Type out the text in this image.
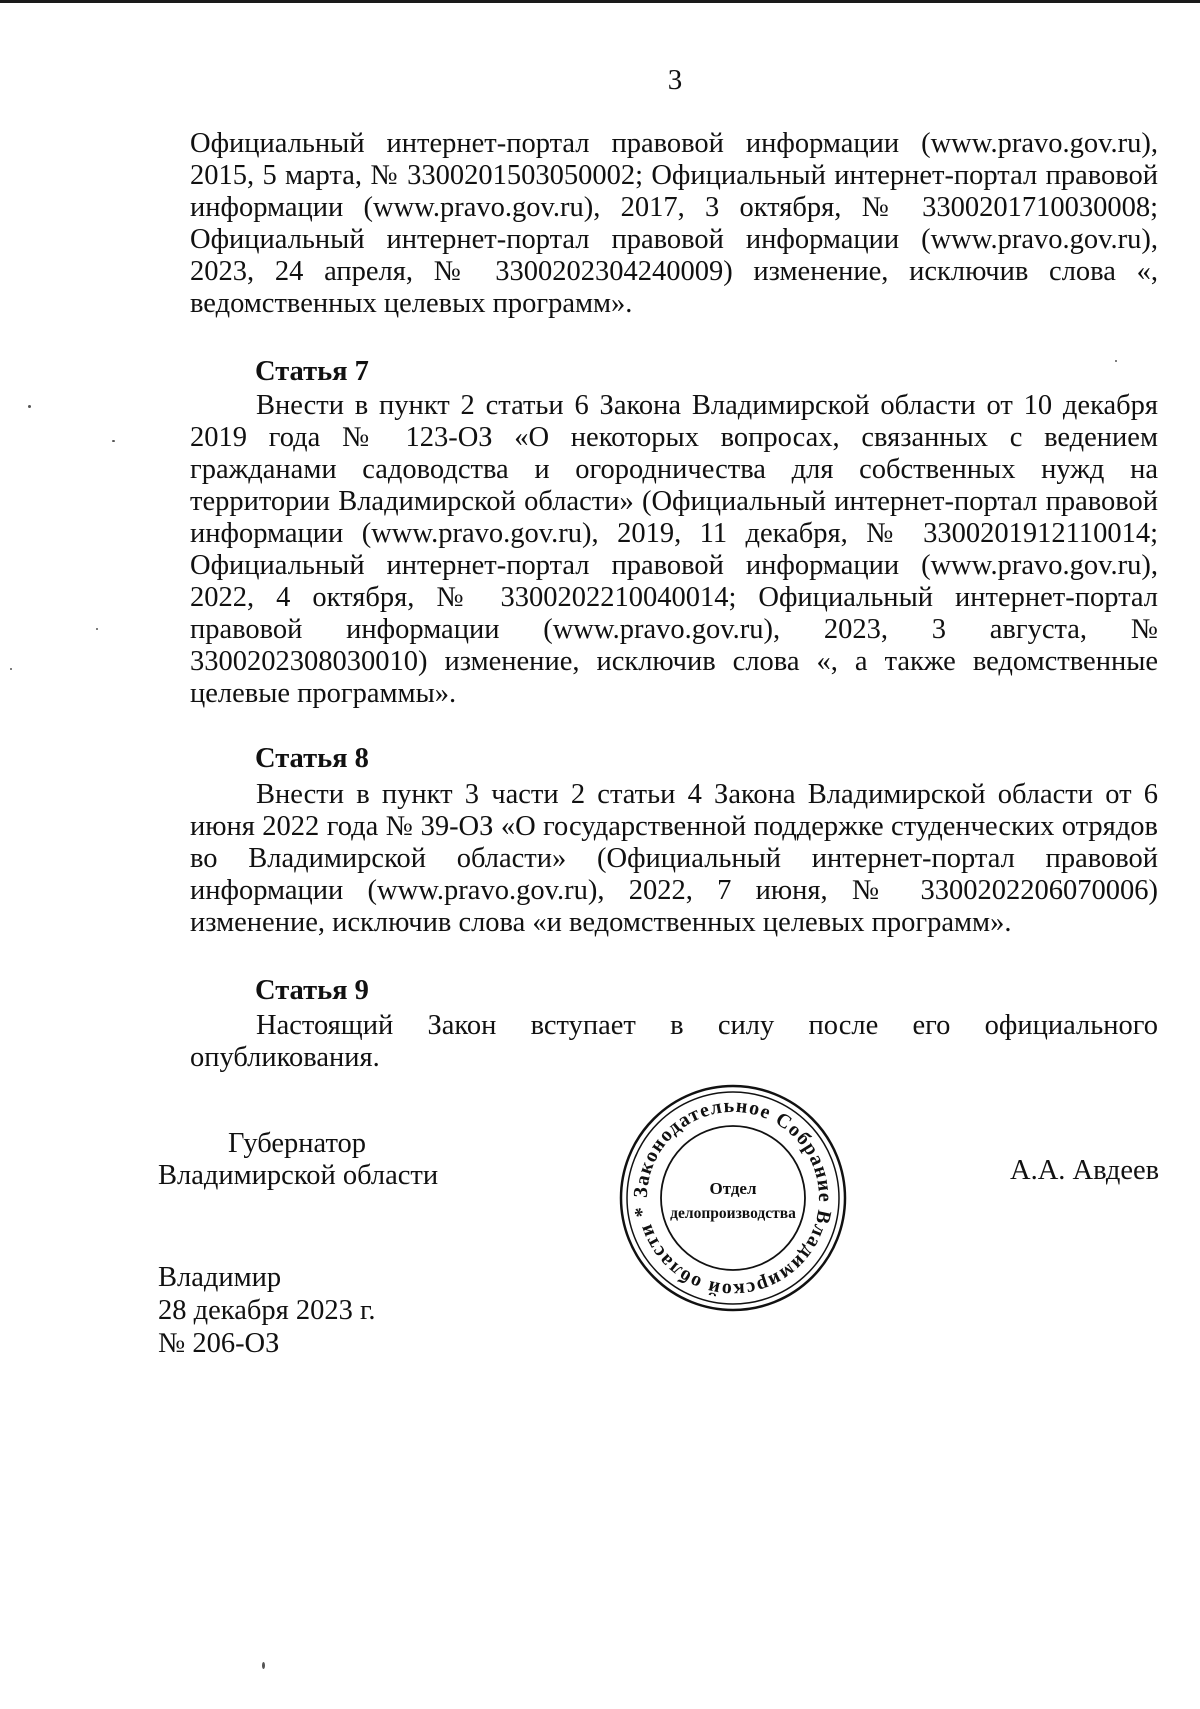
3

Официальный интернет-портал правовой информации (www.pravo.gov.ru), 2015, 5 марта, № 3300201503050002; Официальный интернет-портал правовой информации (www.pravo.gov.ru), 2017, 3 октября, № 3300201710030008; Официальный интернет-портал правовой информации (www.pravo.gov.ru), 2023, 24 апреля, № 3300202304240009) изменение, исключив слова «, ведомственных целевых программ».

Статья 7

Внести в пункт 2 статьи 6 Закона Владимирской области от 10 декабря 2019 года № 123-ОЗ «О некоторых вопросах, связанных с ведением гражданами садоводства и огородничества для собственных нужд на территории Владимирской области» (Официальный интернет-портал правовой информации (www.pravo.gov.ru), 2019, 11 декабря, № 3300201912110014; Официальный интернет-портал правовой информации (www.pravo.gov.ru), 2022, 4 октября, № 3300202210040014; Официальный интернет-портал правовой информации (www.pravo.gov.ru), 2023, 3 августа, № 3300202308030010) изменение, исключив слова «, а также ведомственные целевые программы».

Статья 8

Внести в пункт 3 части 2 статьи 4 Закона Владимирской области от 6 июня 2022 года № 39-ОЗ «О государственной поддержке студенческих отрядов во Владимирской области» (Официальный интернет-портал правовой информации (www.pravo.gov.ru), 2022, 7 июня, № 3300202206070006) изменение, исключив слова «и ведомственных целевых программ».

Статья 9

Настоящий Закон вступает в силу после его официального опубликования.

Губернатор
Владимирской области	А.А. Авдеев
Законодательное Собрание Владимирской области *
Отдел
делопроизводства
Владимир
28 декабря 2023 г.
№ 206-ОЗ
